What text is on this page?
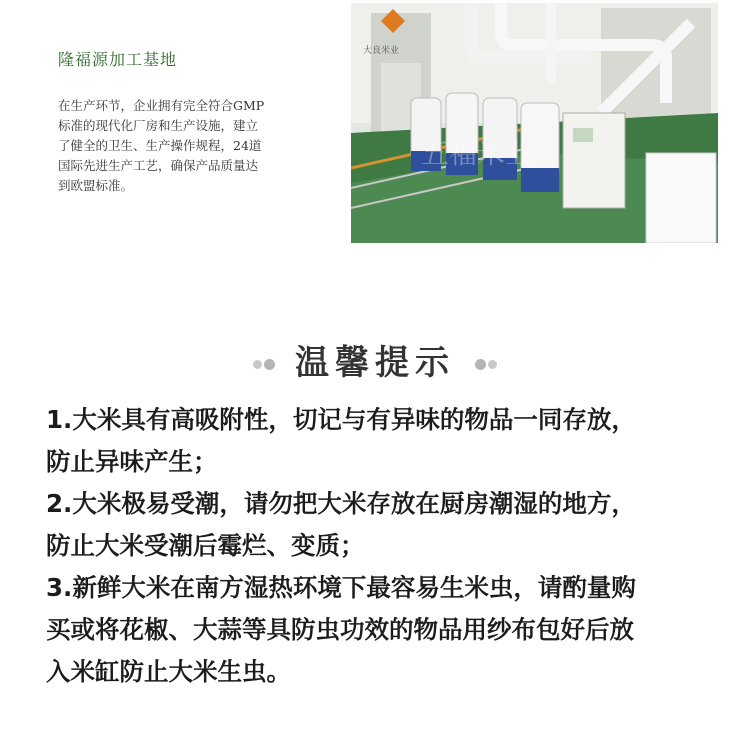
隆福源加工基地
在生产环节，企业拥有完全符合GMP
标准的现代化厂房和生产设施，建立
了健全的卫生、生产操作规程，24道
国际先进生产工艺，确保产品质量达
到欧盟标准。
大良米业
五福米业
温馨提示
1.大米具有高吸附性，切记与有异味的物品一同存放，
防止异味产生；
2.大米极易受潮，请勿把大米存放在厨房潮湿的地方，
防止大米受潮后霉烂、变质；
3.新鲜大米在南方湿热环境下最容易生米虫，请酌量购
买或将花椒、大蒜等具防虫功效的物品用纱布包好后放
入米缸防止大米生虫。
